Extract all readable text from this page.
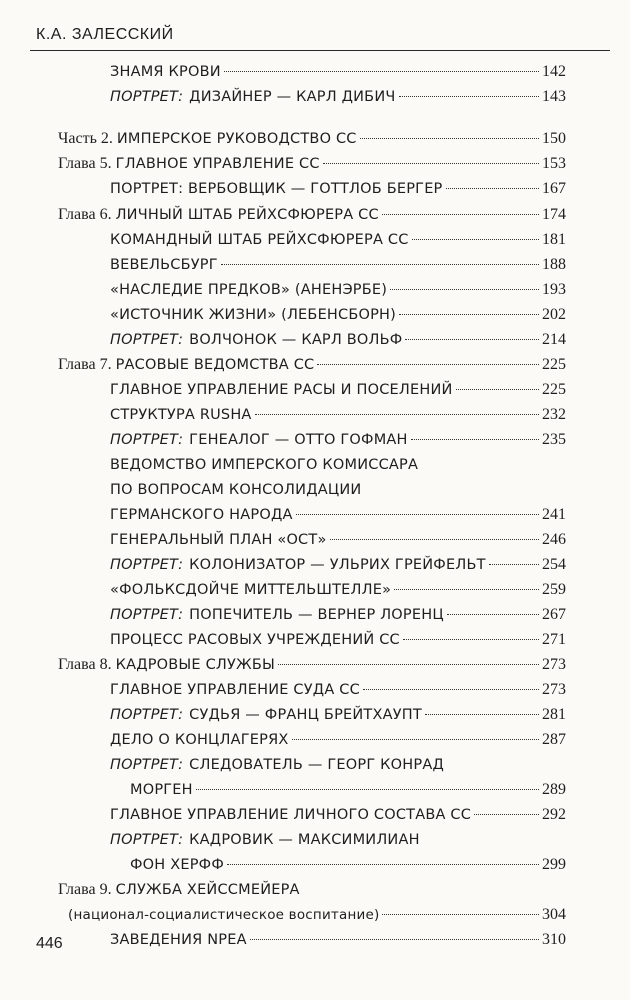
К.А. ЗАЛЕССКИЙ
ЗНАМЯ КРОВИ	142
ПОРТРЕТ: ДИЗАЙНЕР — КАРЛ ДИБИЧ	143
Часть 2. ИМПЕРСКОЕ РУКОВОДСТВО СС	150
Глава 5. ГЛАВНОЕ УПРАВЛЕНИЕ СС	153
ПОРТРЕТ: ВЕРБОВЩИК — ГОТТЛОБ БЕРГЕР	167
Глава 6. ЛИЧНЫЙ ШТАБ РЕЙХСФЮРЕРА СС	174
КОМАНДНЫЙ ШТАБ РЕЙХСФЮРЕРА СС	181
ВЕВЕЛЬСБУРГ	188
«НАСЛЕДИЕ ПРЕДКОВ» (АНЕНЭРБЕ)	193
«ИСТОЧНИК ЖИЗНИ» (ЛЕБЕНСБОРН)	202
ПОРТРЕТ: ВОЛЧОНОК — КАРЛ ВОЛЬФ	214
Глава 7. РАСОВЫЕ ВЕДОМСТВА СС	225
ГЛАВНОЕ УПРАВЛЕНИЕ РАСЫ И ПОСЕЛЕНИЙ	225
СТРУКТУРА RUSHA	232
ПОРТРЕТ: ГЕНЕАЛОГ — ОТТО ГОФМАН	235
ВЕДОМСТВО ИМПЕРСКОГО КОМИССАРА
ПО ВОПРОСАМ КОНСОЛИДАЦИИ
ГЕРМАНСКОГО НАРОДА	241
ГЕНЕРАЛЬНЫЙ ПЛАН «ОСТ»	246
ПОРТРЕТ: КОЛОНИЗАТОР — УЛЬРИХ ГРЕЙФЕЛЬТ	254
«ФОЛЬКСДОЙЧЕ МИТТЕЛЬШТЕЛЛЕ»	259
ПОРТРЕТ: ПОПЕЧИТЕЛЬ — ВЕРНЕР ЛОРЕНЦ	267
ПРОЦЕСС РАСОВЫХ УЧРЕЖДЕНИЙ СС	271
Глава 8. КАДРОВЫЕ СЛУЖБЫ	273
ГЛАВНОЕ УПРАВЛЕНИЕ СУДА СС	273
ПОРТРЕТ: СУДЬЯ — ФРАНЦ БРЕЙТХАУПТ	281
ДЕЛО О КОНЦЛАГЕРЯХ	287
ПОРТРЕТ: СЛЕДОВАТЕЛЬ — ГЕОРГ КОНРАД
МОРГЕН	289
ГЛАВНОЕ УПРАВЛЕНИЕ ЛИЧНОГО СОСТАВА СС	292
ПОРТРЕТ: КАДРОВИК — МАКСИМИЛИАН
ФОН ХЕРФФ	299
Глава 9. СЛУЖБА ХЕЙССМЕЙЕРА
(национал-социалистическое воспитание)	304
ЗАВЕДЕНИЯ NPEA	310
446
